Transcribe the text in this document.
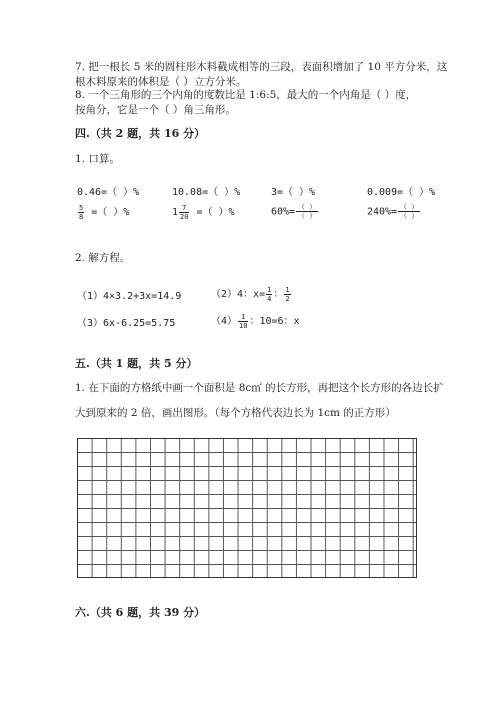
7. 把一根长 5 米的圆柱形木料截成相等的三段，表面积增加了 10 平方分米，这
根木料原来的体积是（ ）立方分米。
8. 一个三角形的三个内角的度数比是 1:6:5，最大的一个内角是（ ）度，
按角分，它是一个（ ）角三角形。
四.（共 2 题，共 16 分）
1. 口算。
0.46=（ ）%	10.08=（ ）%	3=（ ）%	0.009=（ ）%
$\frac{5}{8}$ =（ ）%	$1 \frac{7}{20}$ =（ ）%	$60\%= \frac{( )}{( )}$	$240\%= \frac{( )}{( )}$
2. 解方程。
（1）4×3.2+3x=14.9	（2）4：$x= \frac{1}{4}$ ： $\frac{1}{2}$
（3）6x-6.25=5.75	$(4) \frac{1}{10}$ ：10=6：x
五.（共 1 题，共 5 分）
1. 在下面的方格纸中画一个面积是 8c㎡ 的长方形，再把这个长方形的各边长扩
大到原来的 2 倍，画出图形。（每个方格代表边长为 1cm 的正方形）
六.（共 6 题，共 39 分）
